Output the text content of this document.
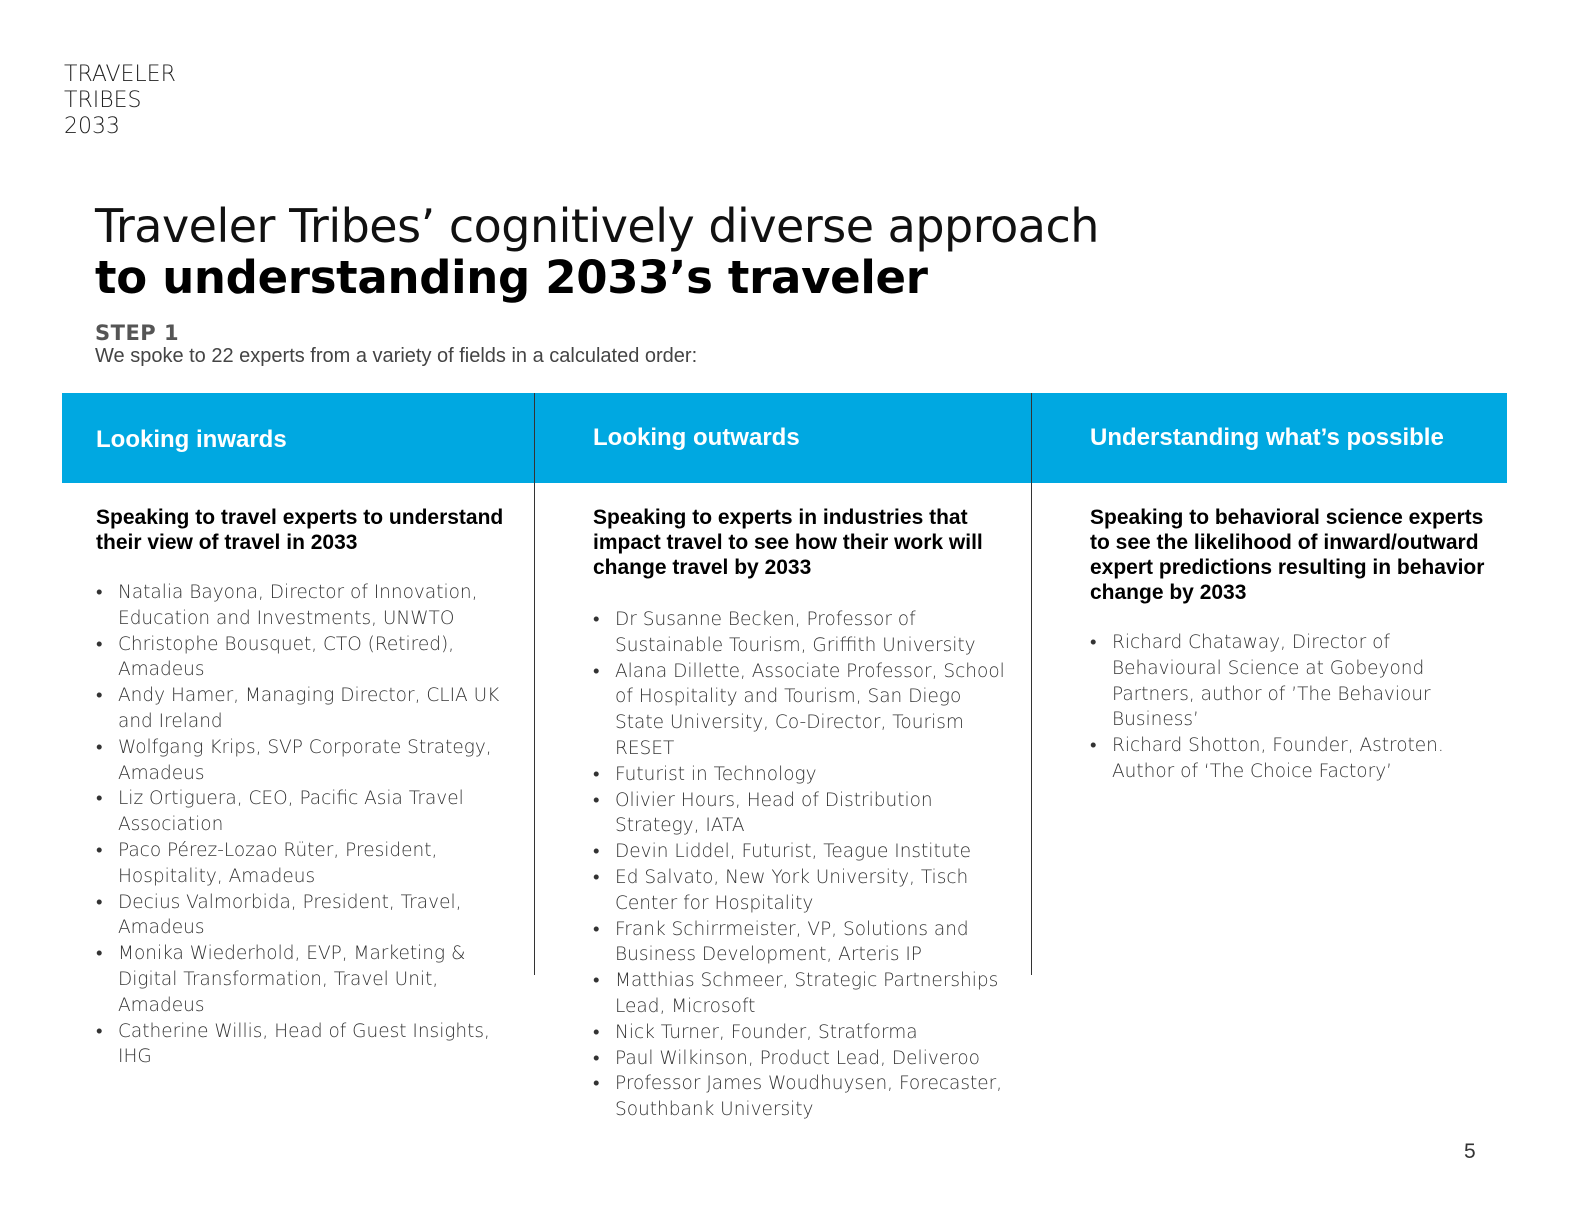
TRAVELER
TRIBES
2033
Traveler Tribes’ cognitively diverse approach
to understanding 2033’s traveler
STEP 1
We spoke to 22 experts from a variety of fields in a calculated order:
Looking inwards
Speaking to travel experts to understand their view of travel in 2033
• Natalia Bayona, Director of Innovation, Education and Investments, UNWTO
• Christophe Bousquet, CTO (Retired), Amadeus
• Andy Hamer, Managing Director, CLIA UK and Ireland
• Wolfgang Krips, SVP Corporate Strategy, Amadeus
• Liz Ortiguera, CEO, Pacific Asia Travel Association
• Paco Pérez-Lozao Rüter, President, Hospitality, Amadeus
• Decius Valmorbida, President, Travel, Amadeus
• Monika Wiederhold, EVP, Marketing & Digital Transformation, Travel Unit, Amadeus
• Catherine Willis, Head of Guest Insights, IHG
Looking outwards
Speaking to experts in industries that impact travel to see how their work will change travel by 2033
• Dr Susanne Becken, Professor of Sustainable Tourism, Griffith University
• Alana Dillette, Associate Professor, School of Hospitality and Tourism, San Diego State University, Co-Director, Tourism RESET
• Futurist in Technology
• Olivier Hours, Head of Distribution Strategy, IATA
• Devin Liddel, Futurist, Teague Institute
• Ed Salvato, New York University, Tisch Center for Hospitality
• Frank Schirrmeister, VP, Solutions and Business Development, Arteris IP
• Matthias Schmeer, Strategic Partnerships Lead, Microsoft
• Nick Turner, Founder, Stratforma
• Paul Wilkinson, Product Lead, Deliveroo
• Professor James Woudhuysen, Forecaster, Southbank University
Understanding what’s possible
Speaking to behavioral science experts to see the likelihood of inward/outward expert predictions resulting in behavior change by 2033
• Richard Chataway, Director of Behavioural Science at Gobeyond Partners, author of ’The Behaviour Business’
• Richard Shotton, Founder, Astroten. Author of ‘The Choice Factory’
5
